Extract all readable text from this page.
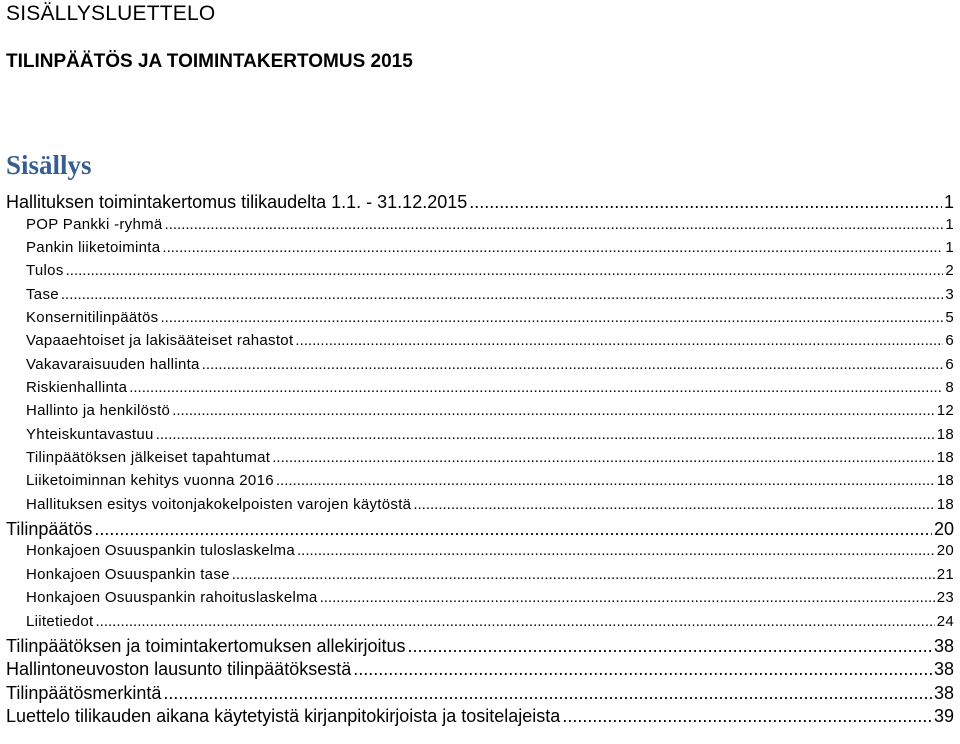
SISÄLLYSLUETTELO
TILINPÄÄTÖS JA TOIMINTAKERTOMUS 2015
Sisällys
Hallituksen toimintakertomus tilikaudelta 1.1. - 31.12.2015 .....	1
POP Pankki -ryhmä .....	1
Pankin liiketoiminta .....	1
Tulos .....	2
Tase .....	3
Konsernitilinpäätös .....	5
Vapaaehtoiset ja lakisääteiset rahastot .....	6
Vakavaraisuuden hallinta .....	6
Riskienhallinta .....	8
Hallinto ja henkilöstö .....	12
Yhteiskuntavastuu .....	18
Tilinpäätöksen jälkeiset tapahtumat .....	18
Liiketoiminnan kehitys vuonna 2016 .....	18
Hallituksen esitys voitonjakokelpoisten varojen käytöstä .....	18
Tilinpäätös .....	20
Honkajoen Osuuspankin tuloslaskelma .....	20
Honkajoen Osuuspankin tase .....	21
Honkajoen Osuuspankin rahoituslaskelma .....	23
Liitetiedot .....	24
Tilinpäätöksen ja toimintakertomuksen allekirjoitus .....	38
Hallintoneuvoston lausunto tilinpäätöksestä .....	38
Tilinpäätösmerkintä .....	38
Luettelo tilikauden aikana käytetyistä kirjanpitokirjoista ja tositelajeista .....	39
